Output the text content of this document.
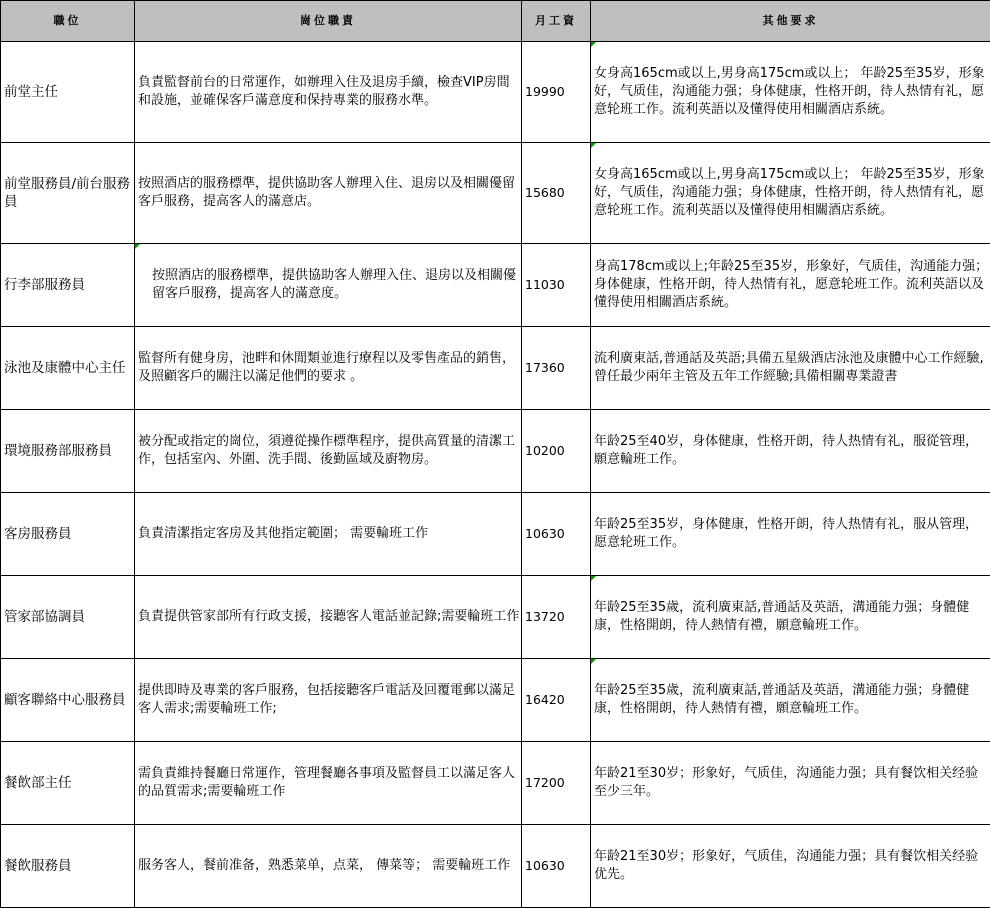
職位	崗位職責	月工資	其他要求
前堂主任	負責監督前台的日常運作，如辦理入住及退房手續，檢查VIP房間和設施，並確保客戶滿意度和保持專業的服務水準。	19990	女身高165cm或以上,男身高175cm或以上； 年龄25至35岁，形象好，气质佳，沟通能力强；身体健康，性格开朗，待人热情有礼，愿意轮班工作。流利英語以及懂得使用相關酒店系統。
前堂服務員/前台服務員	按照酒店的服務標準，提供協助客人辦理入住、退房以及相關優留客戶服務，提高客人的滿意店。	15680	女身高165cm或以上,男身高175cm或以上； 年龄25至35岁，形象好，气质佳，沟通能力强；身体健康，性格开朗，待人热情有礼，愿意轮班工作。流利英語以及懂得使用相關酒店系統。
行李部服務員	按照酒店的服務標準，提供協助客人辦理入住、退房以及相關優留客戶服務，提高客人的滿意度。	11030	身高178cm或以上;年龄25至35岁，形象好，气质佳，沟通能力强；身体健康，性格开朗，待人热情有礼，愿意轮班工作。流利英語以及懂得使用相關酒店系統。
泳池及康體中心主任	監督所有健身房，池畔和休閒類並進行療程以及零售產品的銷售，及照顧客戶的關注以滿足他們的要求 。	17360	流利廣東話,普通話及英語;具備五星級酒店泳池及康體中心工作經驗,曾任最少兩年主管及五年工作經驗;具備相關專業證書
環境服務部服務員	被分配或指定的崗位，須遵從操作標準程序，提供高質量的清潔工作，包括室內、外圍、洗手間、後勤區域及廚物房。	10200	年龄25至40岁，身体健康，性格开朗，待人热情有礼，服從管理，願意輪班工作。
客房服務員	負責清潔指定客房及其他指定範圍； 需要輪班工作	10630	年龄25至35岁，身体健康，性格开朗，待人热情有礼，服从管理，愿意轮班工作。
管家部協調員	負責提供管家部所有行政支援，接聽客人電話並記錄;需要輪班工作	13720	年龄25至35歲，流利廣東話,普通話及英語，溝通能力强；身體健康，性格開朗，待人熱情有禮，願意輪班工作。
顧客聯絡中心服務員	提供即時及專業的客戶服務，包括接聽客戶電話及回覆電郵以滿足客人需求;需要輪班工作;	16420	年龄25至35歲，流利廣東話,普通話及英語，溝通能力强；身體健康，性格開朗，待人熱情有禮，願意輪班工作。
餐飲部主任	需負責維持餐廳日常運作，管理餐廳各事項及監督員工以滿足客人的品質需求;需要輪班工作	17200	年龄21至30岁；形象好，气质佳，沟通能力强；具有餐饮相关经验至少三年。
餐飲服務員	服务客人，餐前准备，熟悉菜单，点菜， 傳菜等； 需要輪班工作	10630	年龄21至30岁；形象好，气质佳，沟通能力强；具有餐饮相关经验优先。
